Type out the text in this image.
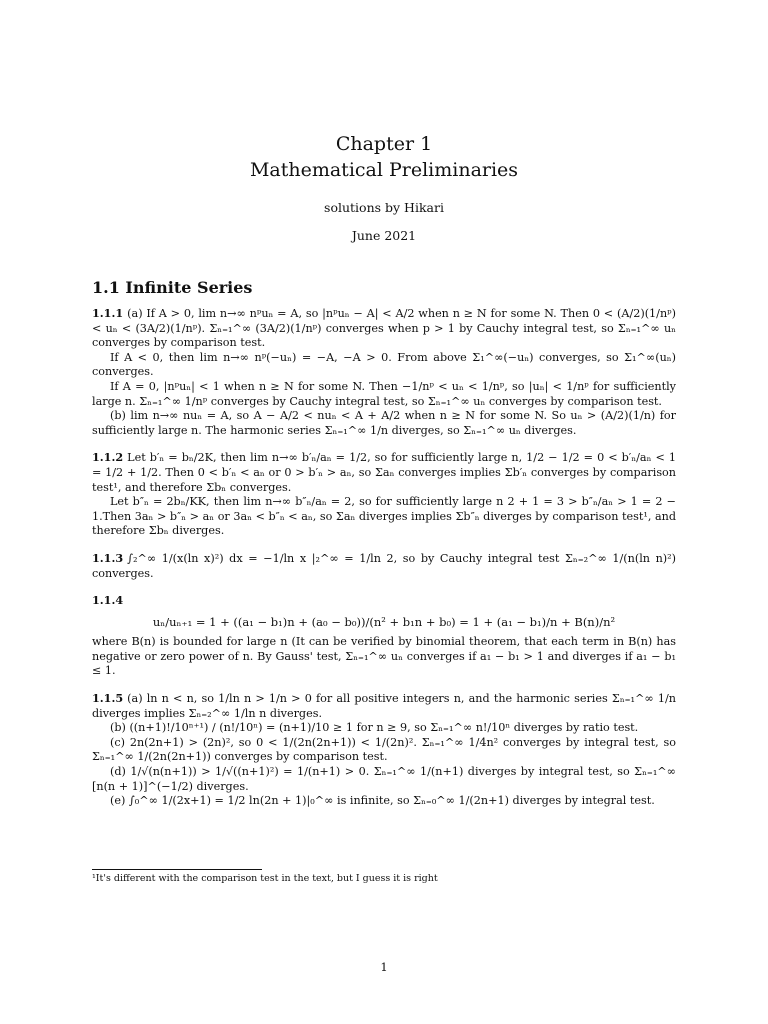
Chapter 1
Mathematical Preliminaries
solutions by Hikari
June 2021
1.1 Infinite Series

1.1.1 (a) If A > 0, lim n→∞ nᵖuₙ = A, so |nᵖuₙ − A| < A/2 when n ≥ N for some N. Then 0 < (A/2)(1/nᵖ) < uₙ < (3A/2)(1/nᵖ). Σₙ₌₁^∞ (3A/2)(1/nᵖ) converges when p > 1 by Cauchy integral test, so Σₙ₌₁^∞ uₙ converges by comparison test.

If A < 0, then lim n→∞ nᵖ(−uₙ) = −A, −A > 0. From above Σ₁^∞(−uₙ) converges, so Σ₁^∞(uₙ) converges.

If A = 0, |nᵖuₙ| < 1 when n ≥ N for some N. Then −1/nᵖ < uₙ < 1/nᵖ, so |uₙ| < 1/nᵖ for sufficiently large n. Σₙ₌₁^∞ 1/nᵖ converges by Cauchy integral test, so Σₙ₌₁^∞ uₙ converges by comparison test.

(b) lim n→∞ nuₙ = A, so A − A/2 < nuₙ < A + A/2 when n ≥ N for some N. So uₙ > (A/2)(1/n) for sufficiently large n. The harmonic series Σₙ₌₁^∞ 1/n diverges, so Σₙ₌₁^∞ uₙ diverges.

1.1.2 Let b′ₙ = bₙ/2K, then lim n→∞ b′ₙ/aₙ = 1/2, so for sufficiently large n, 1/2 − 1/2 = 0 < b′ₙ/aₙ < 1 = 1/2 + 1/2. Then 0 < b′ₙ < aₙ or 0 > b′ₙ > aₙ, so Σaₙ converges implies Σb′ₙ converges by comparison test¹, and therefore Σbₙ converges.

Let b″ₙ = 2bₙ/KK, then lim n→∞ b″ₙ/aₙ = 2, so for sufficiently large n 2 + 1 = 3 > b″ₙ/aₙ > 1 = 2 − 1.Then 3aₙ > b″ₙ > aₙ or 3aₙ < b″ₙ < aₙ, so Σaₙ diverges implies Σb″ₙ diverges by comparison test¹, and therefore Σbₙ diverges.

1.1.3 ∫₂^∞ 1/(x(ln x)²) dx = −1/ln x |₂^∞ = 1/ln 2, so by Cauchy integral test Σₙ₌₂^∞ 1/(n(ln n)²) converges.

1.1.4

uₙ/uₙ₊₁ = 1 + ((a₁ − b₁)n + (a₀ − b₀))/(n² + b₁n + b₀) = 1 + (a₁ − b₁)/n + B(n)/n²

where B(n) is bounded for large n (It can be verified by binomial theorem, that each term in B(n) has negative or zero power of n. By Gauss' test, Σₙ₌₁^∞ uₙ converges if a₁ − b₁ > 1 and diverges if a₁ − b₁ ≤ 1.

1.1.5 (a) ln n < n, so 1/ln n > 1/n > 0 for all positive integers n, and the harmonic series Σₙ₌₁^∞ 1/n diverges implies Σₙ₌₂^∞ 1/ln n diverges.

(b) ((n+1)!/10ⁿ⁺¹) / (n!/10ⁿ) = (n+1)/10 ≥ 1 for n ≥ 9, so Σₙ₌₁^∞ n!/10ⁿ diverges by ratio test.

(c) 2n(2n+1) > (2n)², so 0 < 1/(2n(2n+1)) < 1/(2n)². Σₙ₌₁^∞ 1/4n² converges by integral test, so Σₙ₌₁^∞ 1/(2n(2n+1)) converges by comparison test.

(d) 1/√(n(n+1)) > 1/√((n+1)²) = 1/(n+1) > 0. Σₙ₌₁^∞ 1/(n+1) diverges by integral test, so Σₙ₌₁^∞ [n(n + 1)]^(−1/2) diverges.

(e) ∫₀^∞ 1/(2x+1) = 1/2 ln(2n + 1)|₀^∞ is infinite, so Σₙ₌₀^∞ 1/(2n+1) diverges by integral test.

¹It's different with the comparison test in the text, but I guess it is right
1
